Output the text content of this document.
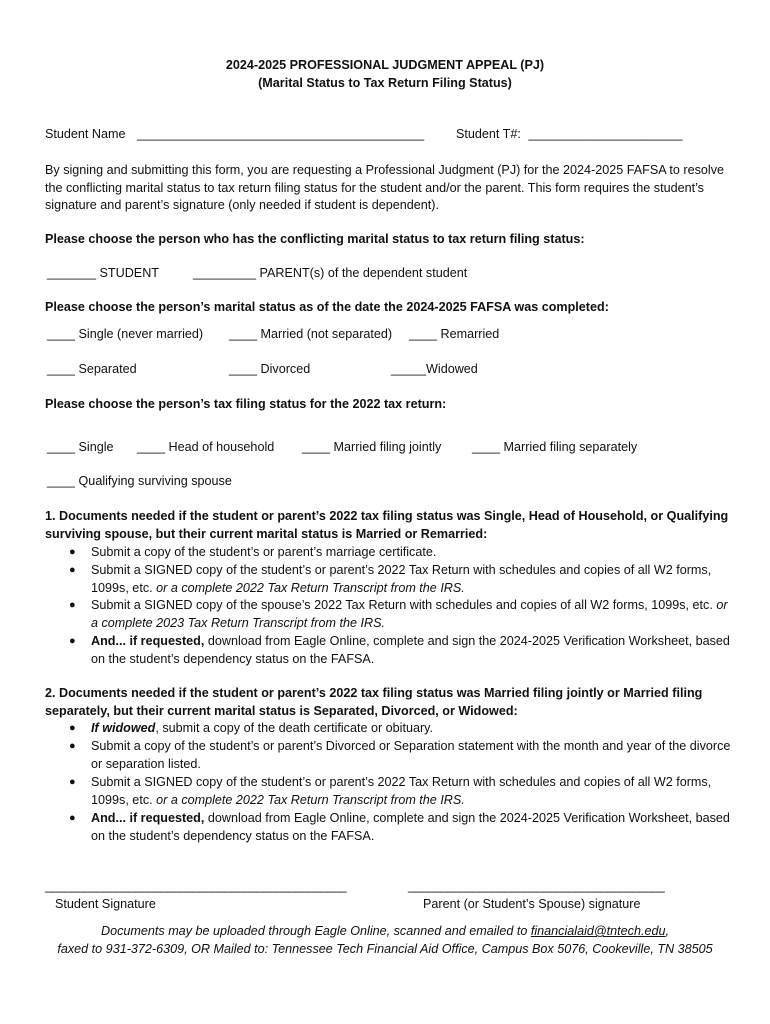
2024-2025 PROFESSIONAL JUDGMENT APPEAL (PJ)
(Marital Status to Tax Return Filing Status)
Student Name _________________________________________	Student T#: ______________________
By signing and submitting this form, you are requesting a Professional Judgment (PJ) for the 2024-2025 FAFSA to resolve the conflicting marital status to tax return filing status for the student and/or the parent. This form requires the student’s signature and parent’s signature (only needed if student is dependent).
Please choose the person who has the conflicting marital status to tax return filing status:
_______ STUDENT	_________ PARENT(s) of the dependent student
Please choose the person’s marital status as of the date the 2024-2025 FAFSA was completed:
____ Single (never married) ____ Married (not separated) ____ Remarried
____ Separated	____ Divorced	_____Widowed
Please choose the person’s tax filing status for the 2022 tax return:
____ Single ____ Head of household ____ Married filing jointly ____ Married filing separately
____ Qualifying surviving spouse
1. Documents needed if the student or parent’s 2022 tax filing status was Single, Head of Household, or Qualifying surviving spouse, but their current marital status is Married or Remarried:
● Submit a copy of the student’s or parent’s marriage certificate.
● Submit a SIGNED copy of the student’s or parent’s 2022 Tax Return with schedules and copies of all W2 forms, 1099s, etc. or a complete 2022 Tax Return Transcript from the IRS.
● Submit a SIGNED copy of the spouse’s 2022 Tax Return with schedules and copies of all W2 forms, 1099s, etc. or a complete 2023 Tax Return Transcript from the IRS.
● And... if requested, download from Eagle Online, complete and sign the 2024-2025 Verification Worksheet, based on the student’s dependency status on the FAFSA.
2. Documents needed if the student or parent’s 2022 tax filing status was Married filing jointly or Married filing separately, but their current marital status is Separated, Divorced, or Widowed:
● If widowed, submit a copy of the death certificate or obituary.
● Submit a copy of the student’s or parent’s Divorced or Separation statement with the month and year of the divorce or separation listed.
● Submit a SIGNED copy of the student’s or parent’s 2022 Tax Return with schedules and copies of all W2 forms, 1099s, etc. or a complete 2022 Tax Return Transcript from the IRS.
● And... if requested, download from Eagle Online, complete and sign the 2024-2025 Verification Worksheet, based on the student’s dependency status on the FAFSA.
_______________________________________________
Student Signature
________________________________________
Parent (or Student’s Spouse) signature
Documents may be uploaded through Eagle Online, scanned and emailed to financialaid@tntech.edu,
faxed to 931-372-6309, OR Mailed to: Tennessee Tech Financial Aid Office, Campus Box 5076, Cookeville, TN 38505
